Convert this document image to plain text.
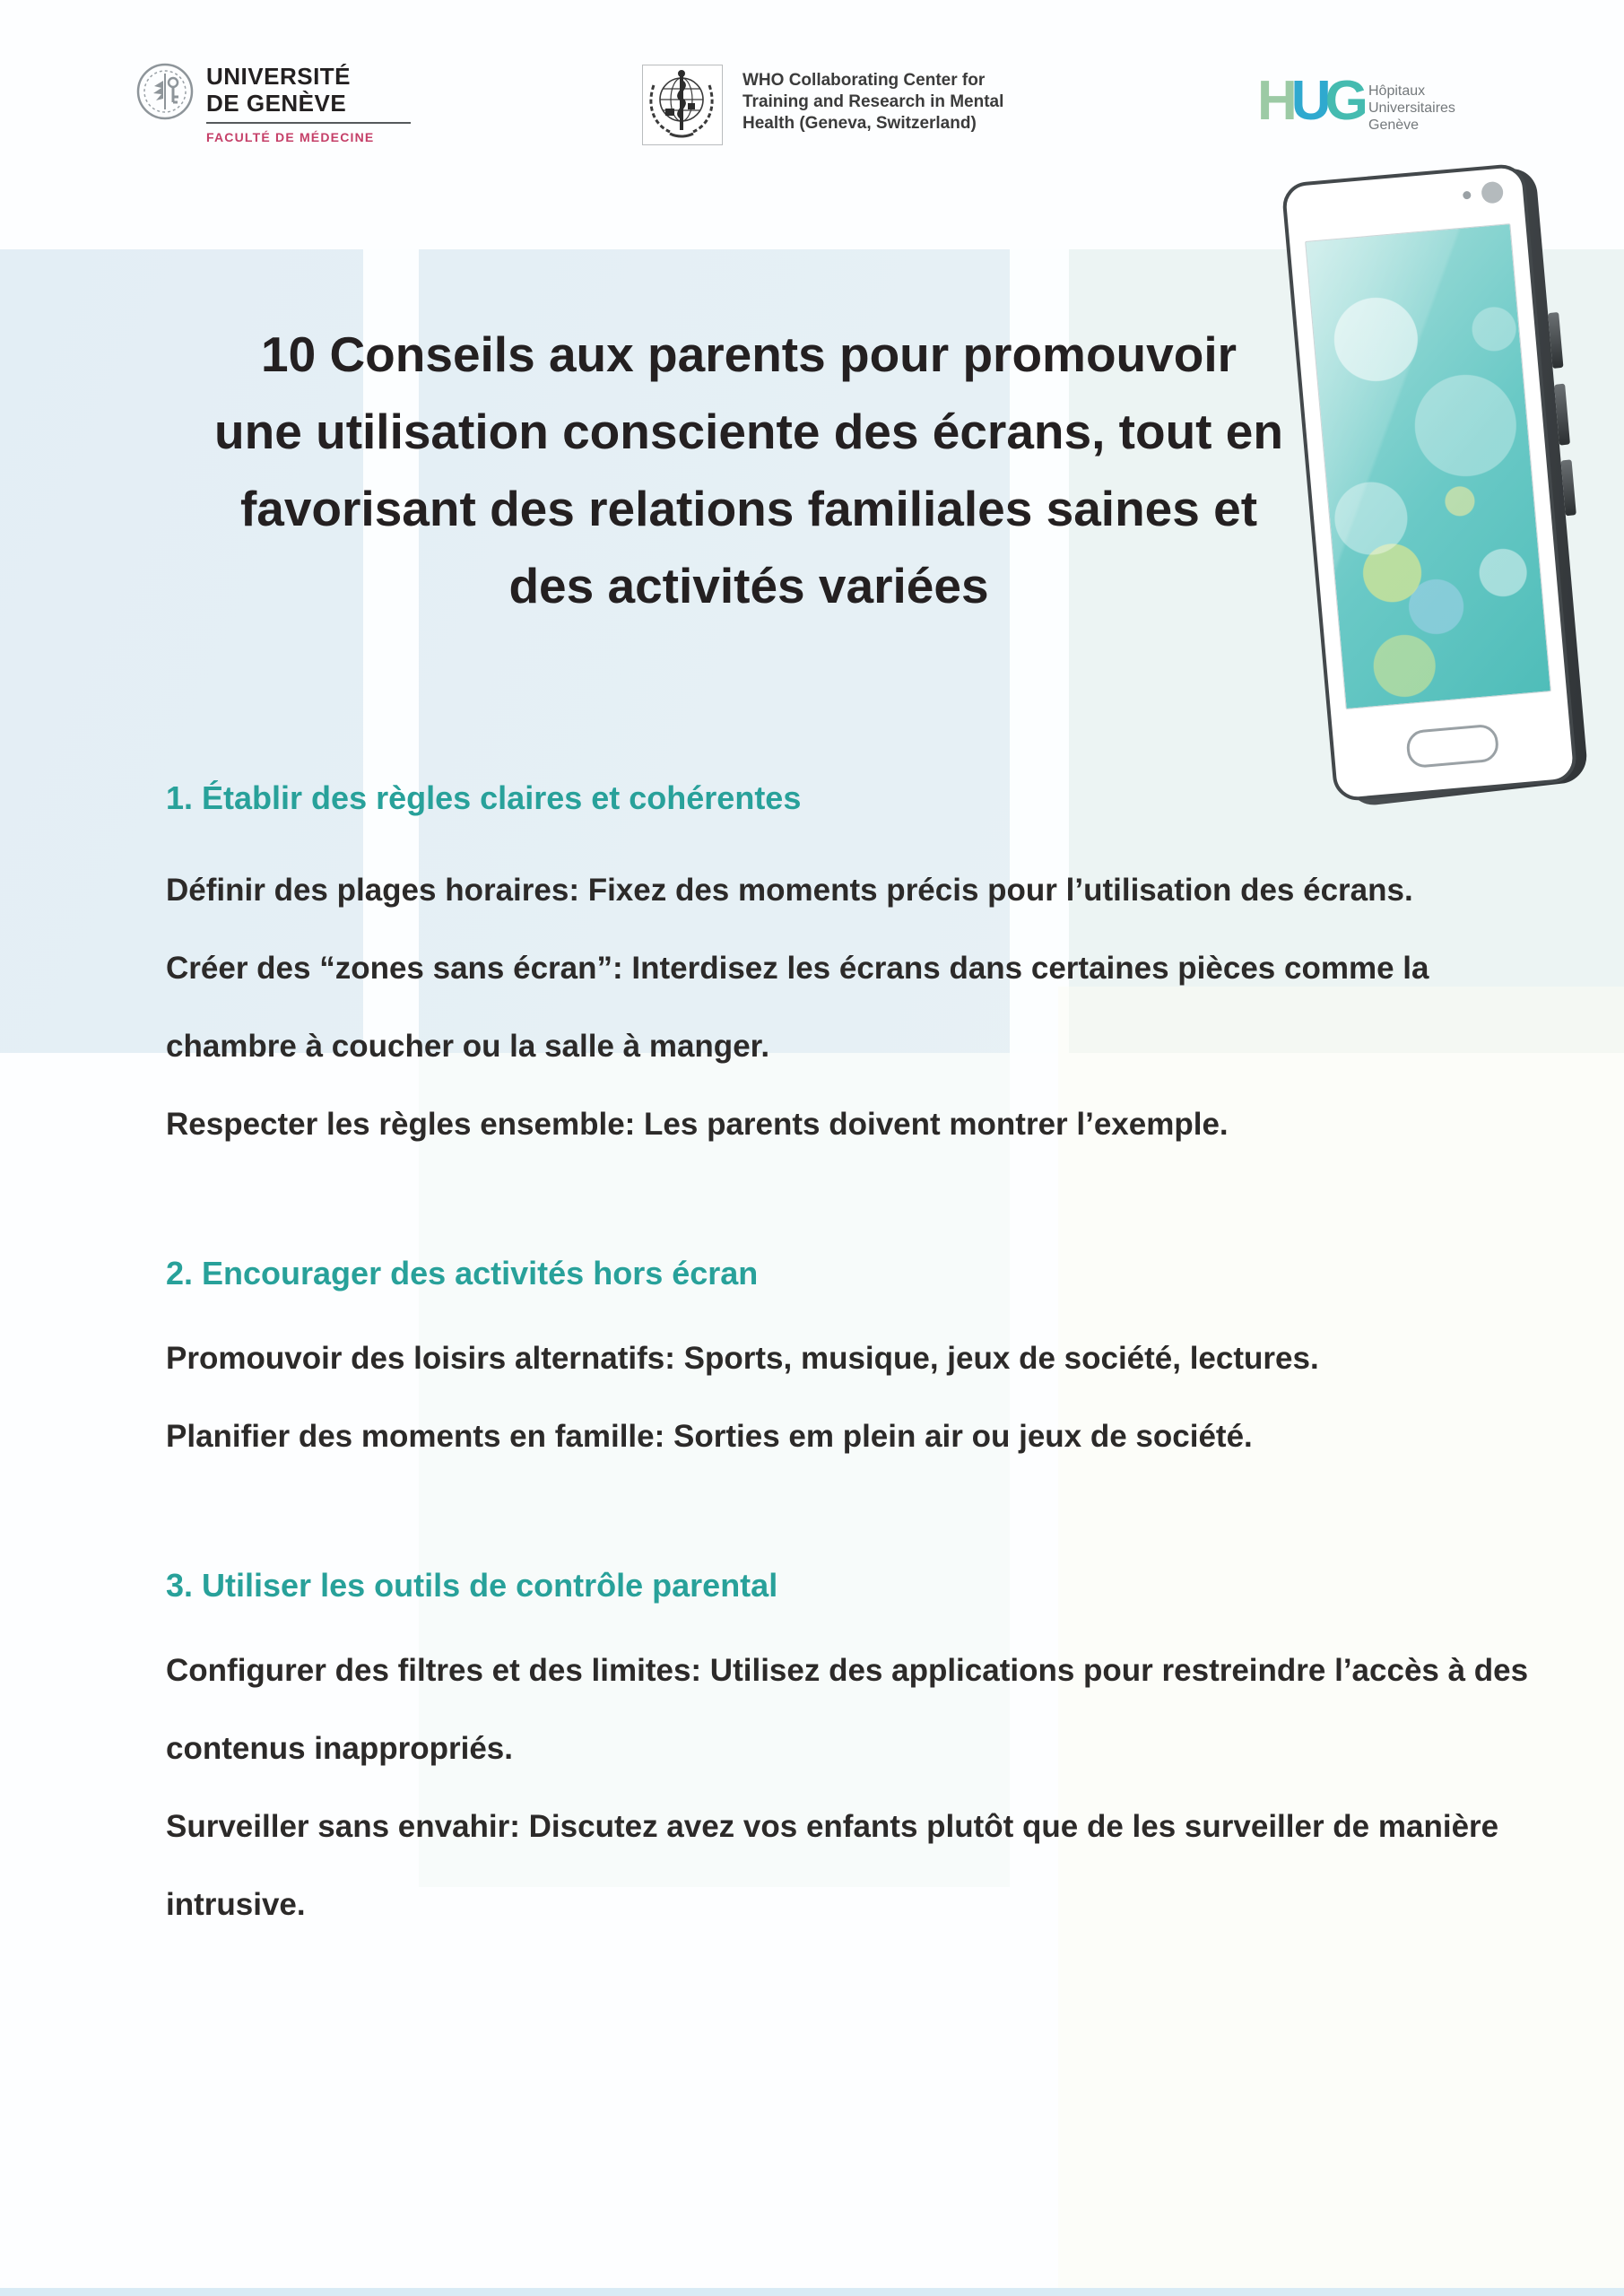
UNIVERSITÉ
DE GENÈVE
FACULTÉ DE MÉDECINE
WHO Collaborating Center for
Training and Research in Mental
Health (Geneva, Switzerland)	HUG Hôpitaux
Universitaires
Genève
10 Conseils aux parents pour promouvoir
une utilisation consciente des écrans, tout en
favorisant des relations familiales saines et
des activités variées
1. Établir des règles claires et cohérentes
Définir des plages horaires: Fixez des moments précis pour l’utilisation des écrans.
Créer des “zones sans écran”: Interdisez les écrans dans certaines pièces comme la
chambre à coucher ou la salle à manger.
Respecter les règles ensemble: Les parents doivent montrer l’exemple.
2. Encourager des activités hors écran
Promouvoir des loisirs alternatifs: Sports, musique, jeux de société, lectures.
Planifier des moments en famille: Sorties em plein air ou jeux de société.
3. Utiliser les outils de contrôle parental
Configurer des filtres et des limites: Utilisez des applications pour restreindre l’accès à des
contenus inappropriés.
Surveiller sans envahir: Discutez avez vos enfants plutôt que de les surveiller de manière
intrusive.
